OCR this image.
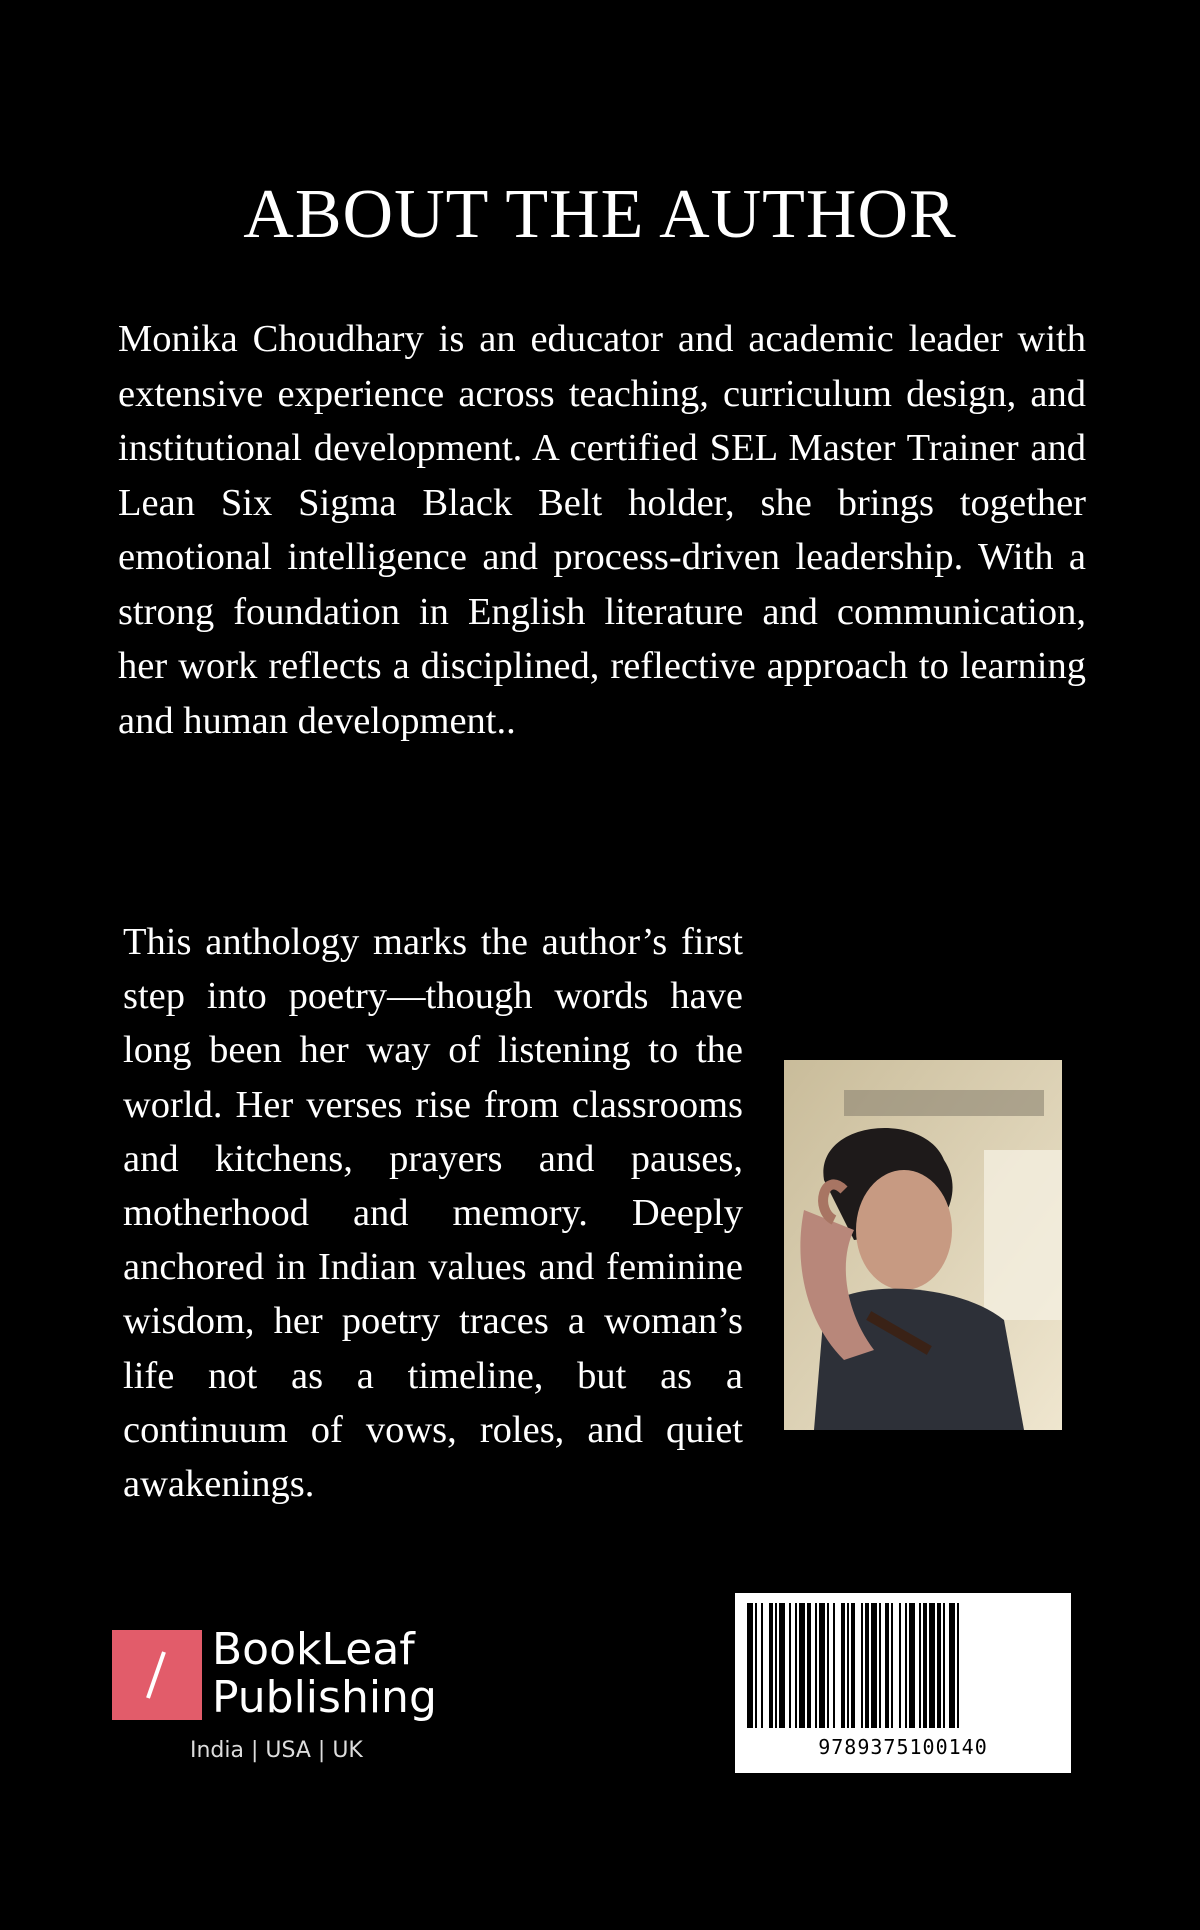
ABOUT THE AUTHOR

Monika Choudhary is an educator and academic leader with extensive experience across teaching, curriculum design, and institutional development. A certified SEL Master Trainer and Lean Six Sigma Black Belt holder, she brings together emotional intelligence and process-driven leadership. With a strong foundation in English literature and communication, her work reflects a disciplined, reflective approach to learning and human development..

This anthology marks the author’s first step into poetry—though words have long been her way of listening to the world. Her verses rise from classrooms and kitchens, prayers and pauses, motherhood and memory. Deeply anchored in Indian values and feminine wisdom, her poetry traces a woman’s life not as a timeline, but as a continuum of vows, roles, and quiet awakenings.

BookLeaf
Publishing
India | USA | UK	9789375100140
